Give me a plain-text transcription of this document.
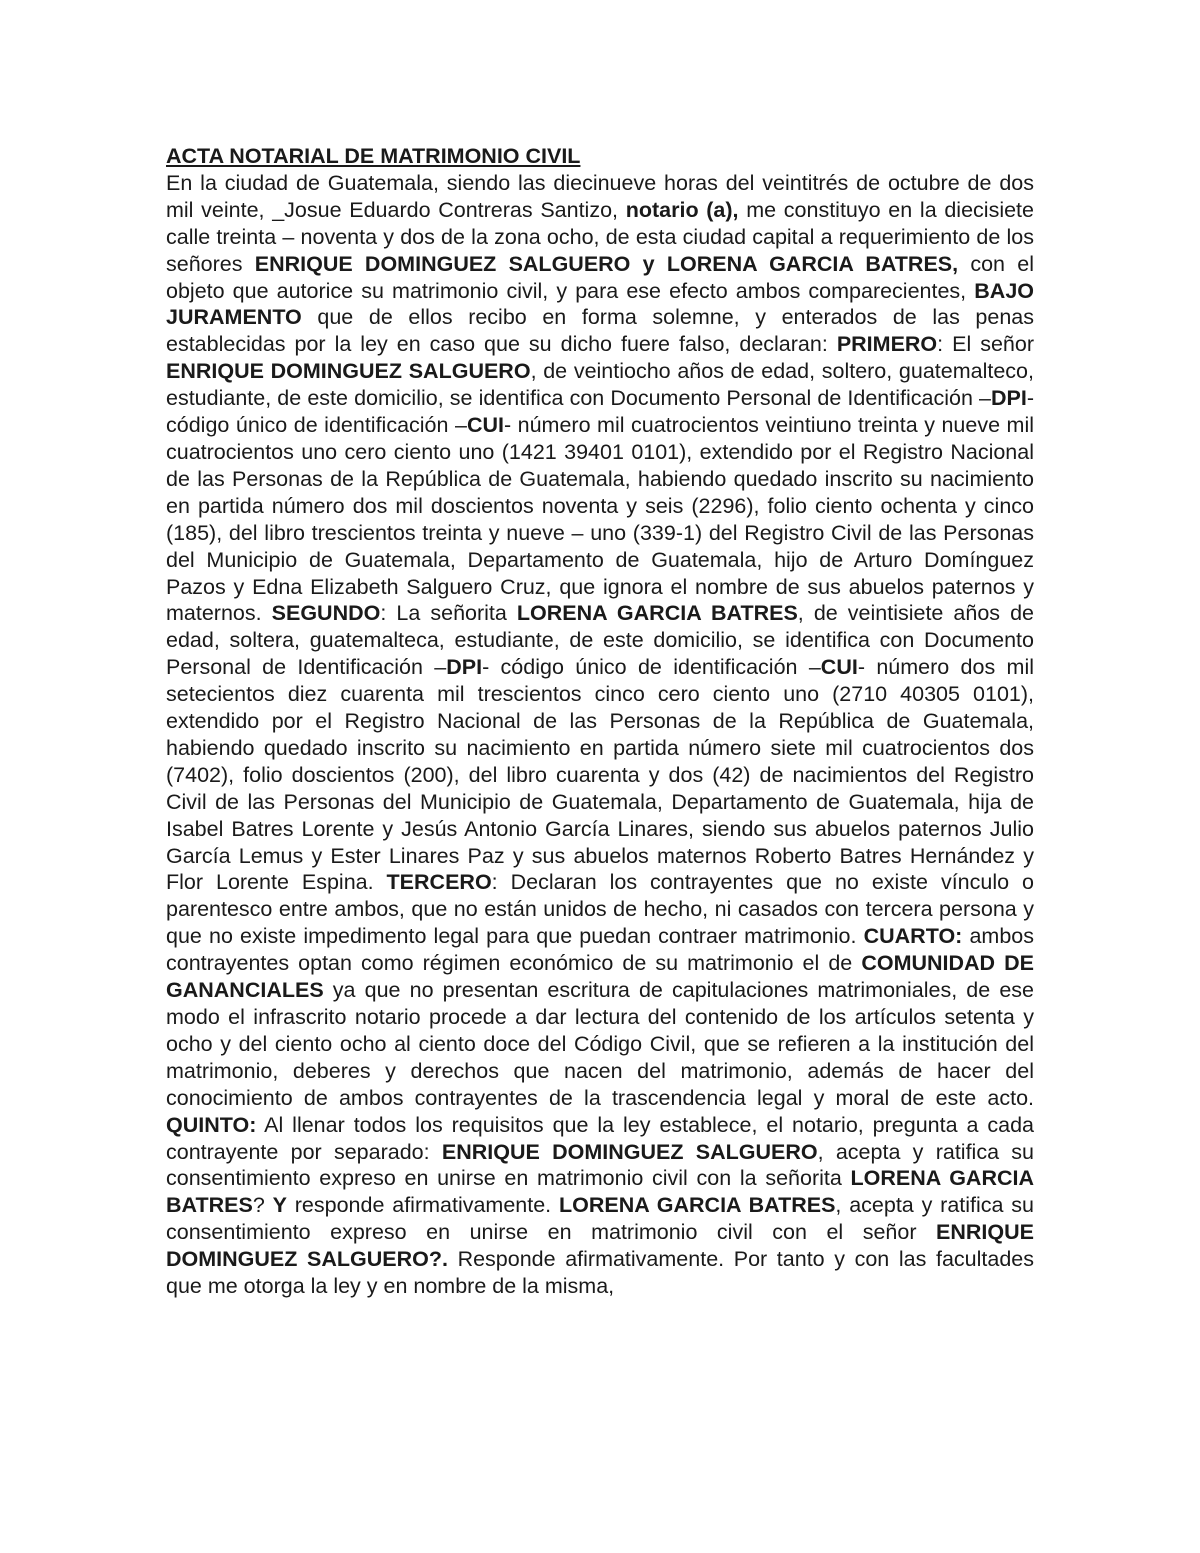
ACTA NOTARIAL DE MATRIMONIO CIVIL

En la ciudad de Guatemala, siendo las diecinueve horas del veintitrés de octubre de dos mil veinte, _Josue Eduardo Contreras Santizo, notario (a), me constituyo en la diecisiete calle treinta – noventa y dos de la zona ocho, de esta ciudad capital a requerimiento de los señores ENRIQUE DOMINGUEZ SALGUERO y LORENA GARCIA BATRES, con el objeto que autorice su matrimonio civil, y para ese efecto ambos comparecientes, BAJO JURAMENTO que de ellos recibo en forma solemne, y enterados de las penas establecidas por la ley en caso que su dicho fuere falso, declaran: PRIMERO: El señor ENRIQUE DOMINGUEZ SALGUERO, de veintiocho años de edad, soltero, guatemalteco, estudiante, de este domicilio, se identifica con Documento Personal de Identificación –DPI- código único de identificación –CUI- número mil cuatrocientos veintiuno treinta y nueve mil cuatrocientos uno cero ciento uno (1421 39401 0101), extendido por el Registro Nacional de las Personas de la República de Guatemala, habiendo quedado inscrito su nacimiento en partida número dos mil doscientos noventa y seis (2296), folio ciento ochenta y cinco (185), del libro trescientos treinta y nueve – uno (339-1) del Registro Civil de las Personas del Municipio de Guatemala, Departamento de Guatemala, hijo de Arturo Domínguez Pazos y Edna Elizabeth Salguero Cruz, que ignora el nombre de sus abuelos paternos y maternos. SEGUNDO: La señorita LORENA GARCIA BATRES, de veintisiete años de edad, soltera, guatemalteca, estudiante, de este domicilio, se identifica con Documento Personal de Identificación –DPI- código único de identificación –CUI- número dos mil setecientos diez cuarenta mil trescientos cinco cero ciento uno (2710 40305 0101), extendido por el Registro Nacional de las Personas de la República de Guatemala, habiendo quedado inscrito su nacimiento en partida número siete mil cuatrocientos dos (7402), folio doscientos (200), del libro cuarenta y dos (42) de nacimientos del Registro Civil de las Personas del Municipio de Guatemala, Departamento de Guatemala, hija de Isabel Batres Lorente y Jesús Antonio García Linares, siendo sus abuelos paternos Julio García Lemus y Ester Linares Paz y sus abuelos maternos Roberto Batres Hernández y Flor Lorente Espina. TERCERO: Declaran los contrayentes que no existe vínculo o parentesco entre ambos, que no están unidos de hecho, ni casados con tercera persona y que no existe impedimento legal para que puedan contraer matrimonio. CUARTO: ambos contrayentes optan como régimen económico de su matrimonio el de COMUNIDAD DE GANANCIALES ya que no presentan escritura de capitulaciones matrimoniales, de ese modo el infrascrito notario procede a dar lectura del contenido de los artículos setenta y ocho y del ciento ocho al ciento doce del Código Civil, que se refieren a la institución del matrimonio, deberes y derechos que nacen del matrimonio, además de hacer del conocimiento de ambos contrayentes de la trascendencia legal y moral de este acto. QUINTO: Al llenar todos los requisitos que la ley establece, el notario, pregunta a cada contrayente por separado: ENRIQUE DOMINGUEZ SALGUERO, acepta y ratifica su consentimiento expreso en unirse en matrimonio civil con la señorita LORENA GARCIA BATRES? Y responde afirmativamente. LORENA GARCIA BATRES, acepta y ratifica su consentimiento expreso en unirse en matrimonio civil con el señor ENRIQUE DOMINGUEZ SALGUERO?. Responde afirmativamente. Por tanto y con las facultades que me otorga la ley y en nombre de la misma,
